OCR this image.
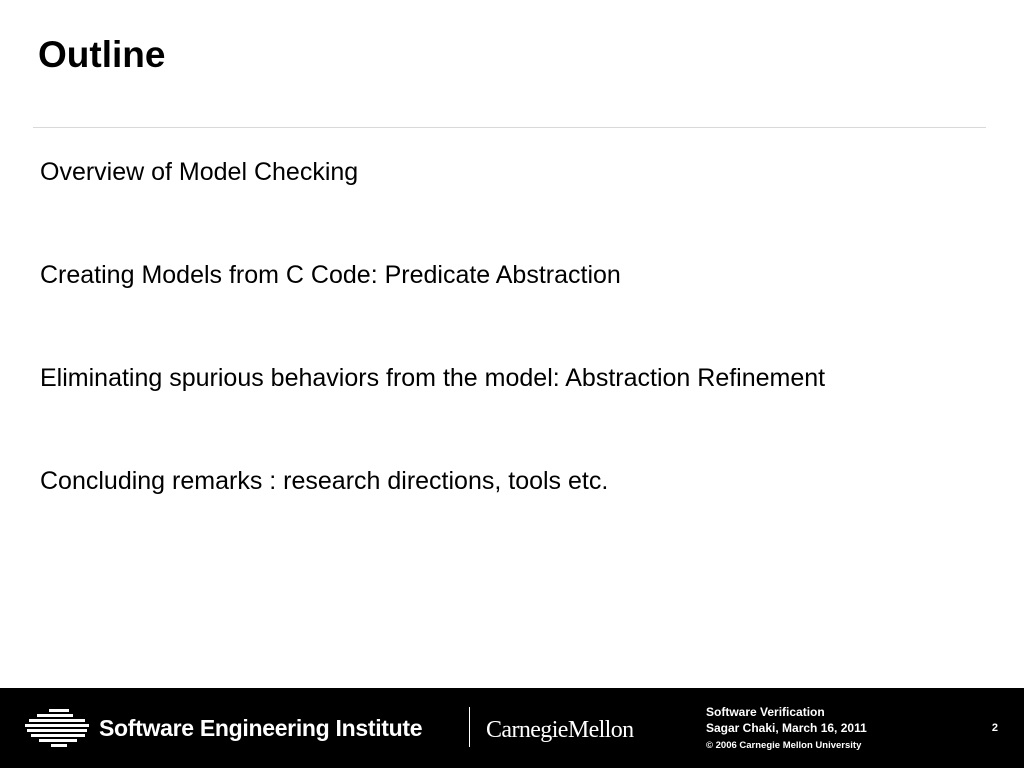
Outline
Overview of Model Checking
Creating Models from C Code: Predicate Abstraction
Eliminating spurious behaviors from the model: Abstraction Refinement
Concluding remarks : research directions, tools etc.
Software Engineering Institute	CarnegieMellon
Software Verification
Sagar Chaki, March 16, 2011
© 2006 Carnegie Mellon University
2
